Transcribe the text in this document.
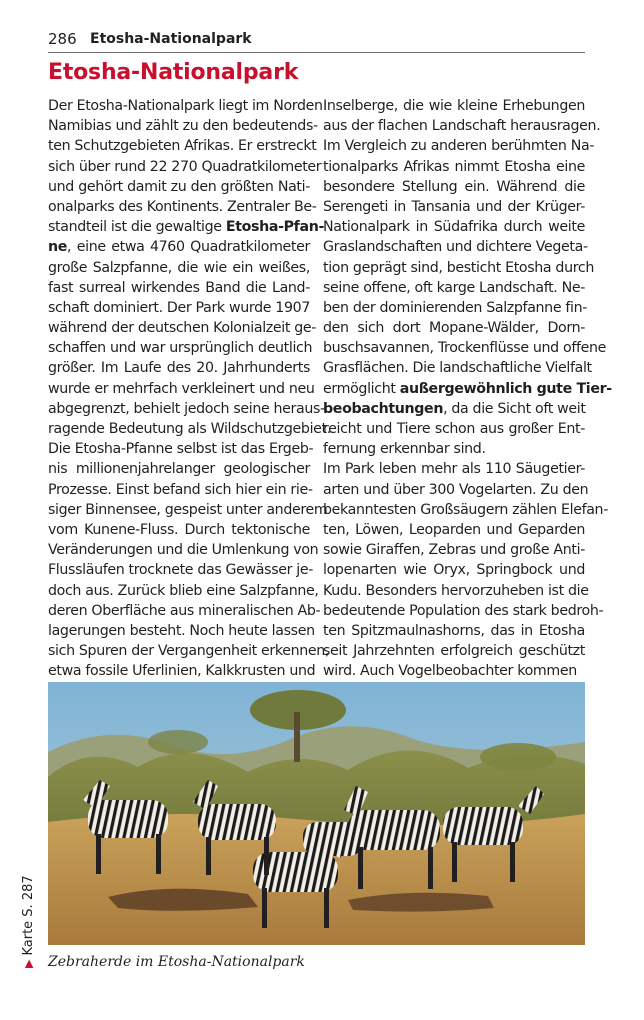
286 Etosha-Nationalpark
Etosha-Nationalpark
Der Etosha-Nationalpark liegt im Norden
Namibias und zählt zu den bedeutends-
ten Schutzgebieten Afrikas. Er erstreckt
sich über rund 22 270 Quadratkilometer
und gehört damit zu den größten Nati-
onalparks des Kontinents. Zentraler Be-
standteil ist die gewaltige Etosha-Pfan-
ne, eine etwa 4760 Quadratkilometer
große Salzpfanne, die wie ein weißes,
fast surreal wirkendes Band die Land-
schaft dominiert. Der Park wurde 1907
während der deutschen Kolonialzeit ge-
schaffen und war ursprünglich deutlich
größer. Im Laufe des 20. Jahrhunderts
wurde er mehrfach verkleinert und neu
abgegrenzt, behielt jedoch seine heraus-
ragende Bedeutung als Wildschutzgebiet.
Die Etosha-Pfanne selbst ist das Ergeb-
nis millionenjahrelanger geologischer
Prozesse. Einst befand sich hier ein rie-
siger Binnensee, gespeist unter anderem
vom Kunene-Fluss. Durch tektonische
Veränderungen und die Umlenkung von
Flussläufen trocknete das Gewässer je-
doch aus. Zurück blieb eine Salzpfanne,
deren Oberfläche aus mineralischen Ab-
lagerungen besteht. Noch heute lassen
sich Spuren der Vergangenheit erkennen,
etwa fossile Uferlinien, Kalkkrusten und
Inselberge, die wie kleine Erhebungen
aus der flachen Landschaft herausragen.
Im Vergleich zu anderen berühmten Na-
tionalparks Afrikas nimmt Etosha eine
besondere Stellung ein. Während die
Serengeti in Tansania und der Krüger-
Nationalpark in Südafrika durch weite
Graslandschaften und dichtere Vegeta-
tion geprägt sind, besticht Etosha durch
seine offene, oft karge Landschaft. Ne-
ben der dominierenden Salzpfanne fin-
den sich dort Mopane-Wälder, Dorn-
buschsavannen, Trockenflüsse und offene
Grasflächen. Die landschaftliche Vielfalt
ermöglicht außergewöhnlich gute Tier-
beobachtungen, da die Sicht oft weit
reicht und Tiere schon aus großer Ent-
fernung erkennbar sind.
Im Park leben mehr als 110 Säugetier-
arten und über 300 Vogelarten. Zu den
bekanntesten Großsäugern zählen Elefan-
ten, Löwen, Leoparden und Geparden
sowie Giraffen, Zebras und große Anti-
lopenarten wie Oryx, Springbock und
Kudu. Besonders hervorzuheben ist die
bedeutende Population des stark bedroh-
ten Spitzmaulnashorns, das in Etosha
seit Jahrzehnten erfolgreich geschützt
wird. Auch Vogelbeobachter kommen
Zebraherde im Etosha-Nationalpark
▶Karte S. 287
